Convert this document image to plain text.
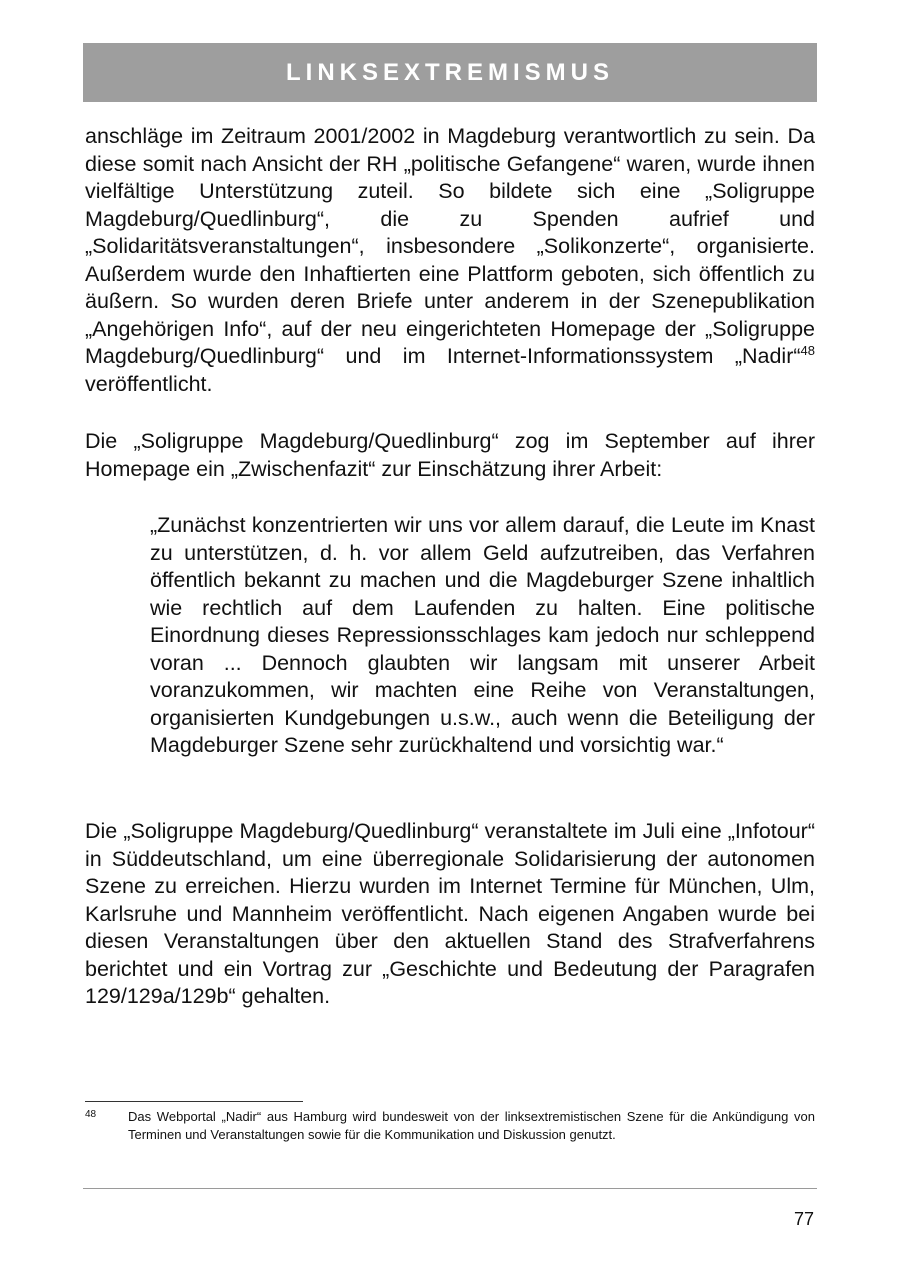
LINKSEXTREMISMUS

anschläge im Zeitraum 2001/2002 in Magdeburg verantwortlich zu sein. Da diese somit nach Ansicht der RH „politische Gefangene“ waren, wurde ihnen vielfältige Unterstützung zuteil. So bildete sich eine „Soligruppe Magdeburg/Quedlinburg“, die zu Spenden aufrief und „Solidaritätsveranstaltungen“, insbesondere „Solikonzerte“, organisierte. Außerdem wurde den Inhaftierten eine Plattform geboten, sich öffentlich zu äußern. So wurden deren Briefe unter anderem in der Szenepublikation „Angehörigen Info“, auf der neu eingerichteten Homepage der „Soligruppe Magdeburg/Quedlinburg“ und im Internet-Informationssystem „Nadir“$^{48}$ veröffentlicht.

Die „Soligruppe Magdeburg/Quedlinburg“ zog im September auf ihrer Homepage ein „Zwischenfazit“ zur Einschätzung ihrer Arbeit:

„Zunächst konzentrierten wir uns vor allem darauf, die Leute im Knast zu unterstützen, d. h. vor allem Geld aufzutreiben, das Verfahren öffentlich bekannt zu machen und die Magdeburger Szene inhaltlich wie rechtlich auf dem Laufenden zu halten. Eine politische Einordnung dieses Repressionsschlages kam jedoch nur schleppend voran ... Dennoch glaubten wir langsam mit unserer Arbeit voranzukommen, wir machten eine Reihe von Veranstaltungen, organisierten Kundgebungen u.s.w., auch wenn die Beteiligung der Magdeburger Szene sehr zurückhaltend und vorsichtig war.“

Die „Soligruppe Magdeburg/Quedlinburg“ veranstaltete im Juli eine „Infotour“ in Süddeutschland, um eine überregionale Solidarisierung der autonomen Szene zu erreichen. Hierzu wurden im Internet Termine für München, Ulm, Karlsruhe und Mannheim veröffentlicht. Nach eigenen Angaben wurde bei diesen Veranstaltungen über den aktuellen Stand des Strafverfahrens berichtet und ein Vortrag zur „Geschichte und Bedeutung der Paragrafen 129/129a/129b“ gehalten.

48	Das Webportal „Nadir“ aus Hamburg wird bundesweit von der linksextremistischen Szene für die Ankündigung von Terminen und Veranstaltungen sowie für die Kommunikation und Diskussion genutzt.
77
